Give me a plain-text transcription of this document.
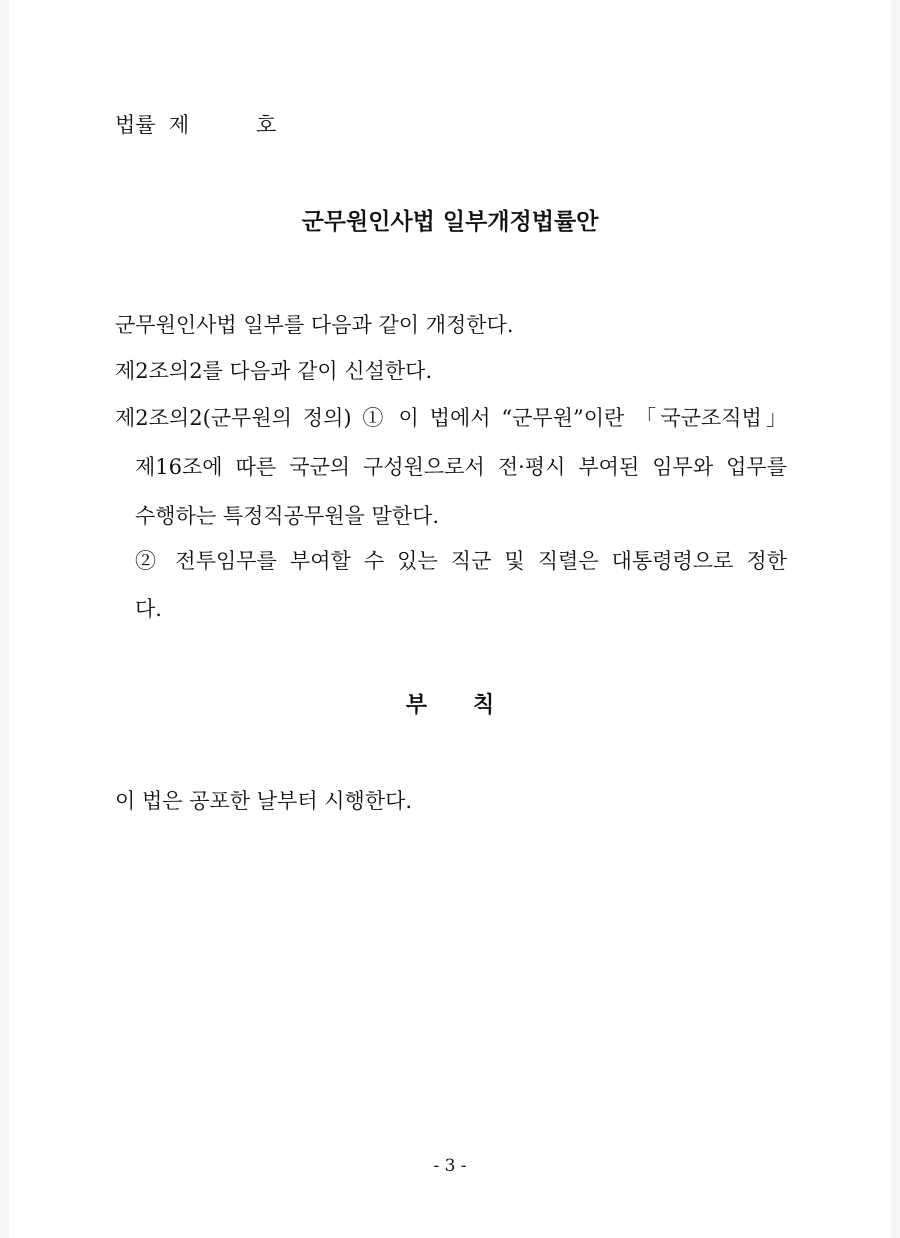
법률  제          호

군무원인사법 일부개정법률안

군무원인사법 일부를 다음과 같이 개정한다.

제2조의2를 다음과 같이 신설한다.

제2조의2(군무원의 정의) ① 이 법에서 “군무원”이란 「국군조직법」

제16조에 따른 국군의 구성원으로서 전·평시 부여된 임무와 업무를

수행하는 특정직공무원을 말한다.

② 전투임무를 부여할 수 있는 직군 및 직렬은 대통령령으로 정한

다.

부      칙

이 법은 공포한 날부터 시행한다.

- 3 -
